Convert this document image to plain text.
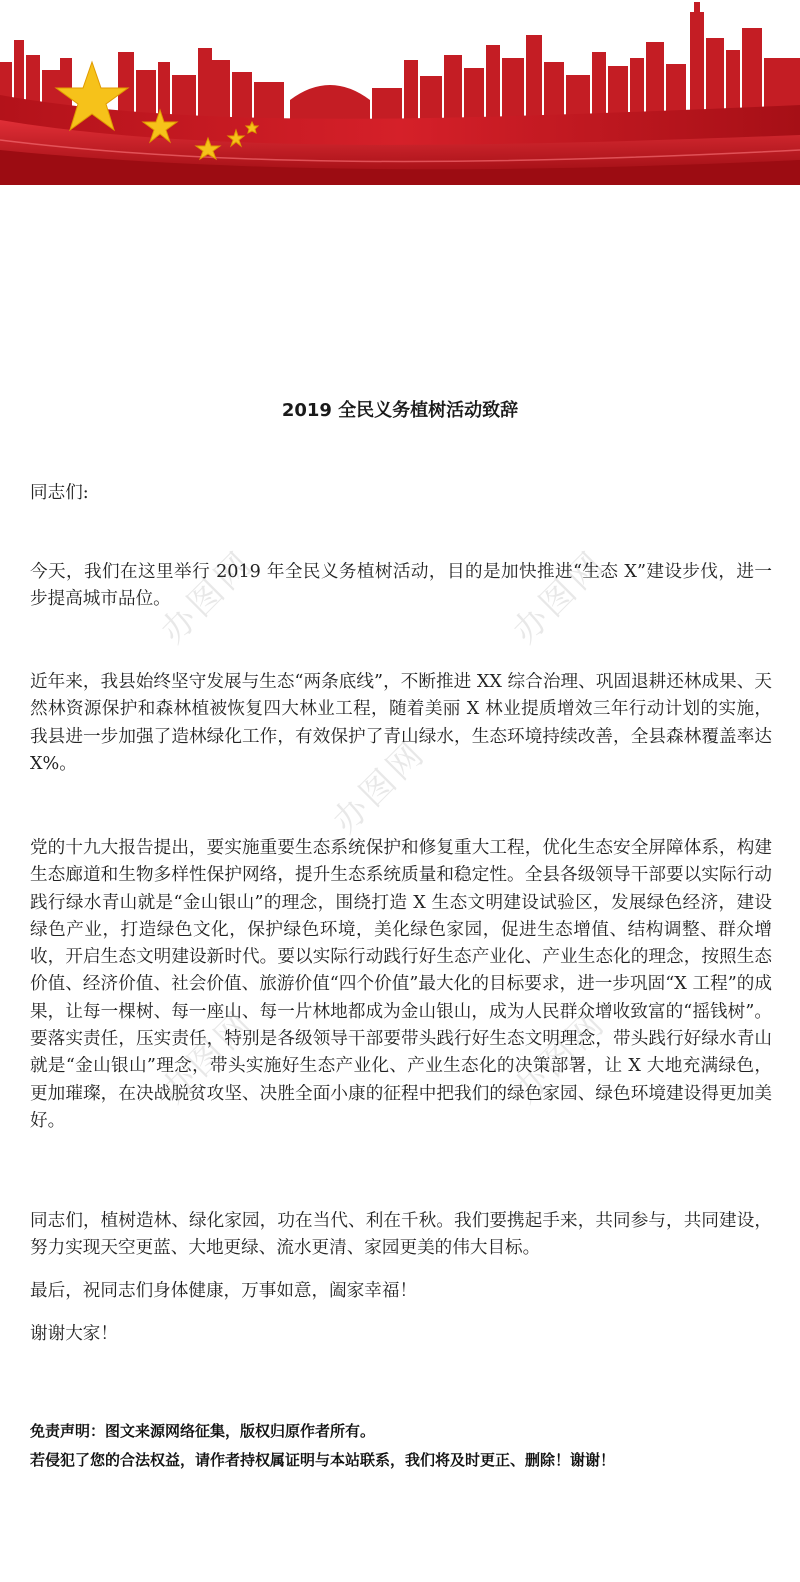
办图网	办图网
办图网
办图网	办图网
2019 全民义务植树活动致辞

同志们:

今天，我们在这里举行 2019 年全民义务植树活动，目的是加快推进“生态 X”建设步伐，进一步提高城市品位。

近年来，我县始终坚守发展与生态“两条底线”，不断推进 XX 综合治理、巩固退耕还林成果、天然林资源保护和森林植被恢复四大林业工程，随着美丽 X 林业提质增效三年行动计划的实施，我县进一步加强了造林绿化工作，有效保护了青山绿水，生态环境持续改善，全县森林覆盖率达 X%。

党的十九大报告提出，要实施重要生态系统保护和修复重大工程，优化生态安全屏障体系，构建生态廊道和生物多样性保护网络，提升生态系统质量和稳定性。全县各级领导干部要以实际行动践行绿水青山就是“金山银山”的理念，围绕打造 X 生态文明建设试验区，发展绿色经济，建设绿色产业，打造绿色文化，保护绿色环境，美化绿色家园，促进生态增值、结构调整、群众增收，开启生态文明建设新时代。要以实际行动践行好生态产业化、产业生态化的理念，按照生态价值、经济价值、社会价值、旅游价值“四个价值”最大化的目标要求，进一步巩固“X 工程”的成果，让每一棵树、每一座山、每一片林地都成为金山银山，成为人民群众增收致富的“摇钱树”。要落实责任，压实责任，特别是各级领导干部要带头践行好生态文明理念，带头践行好绿水青山就是“金山银山”理念，带头实施好生态产业化、产业生态化的决策部署，让 X 大地充满绿色，更加璀璨，在决战脱贫攻坚、决胜全面小康的征程中把我们的绿色家园、绿色环境建设得更加美好。

同志们，植树造林、绿化家园，功在当代、利在千秋。我们要携起手来，共同参与，共同建设，努力实现天空更蓝、大地更绿、流水更清、家园更美的伟大目标。

最后，祝同志们身体健康，万事如意，阖家幸福！

谢谢大家！

免责声明：图文来源网络征集，版权归原作者所有。

若侵犯了您的合法权益，请作者持权属证明与本站联系，我们将及时更正、删除！谢谢！
